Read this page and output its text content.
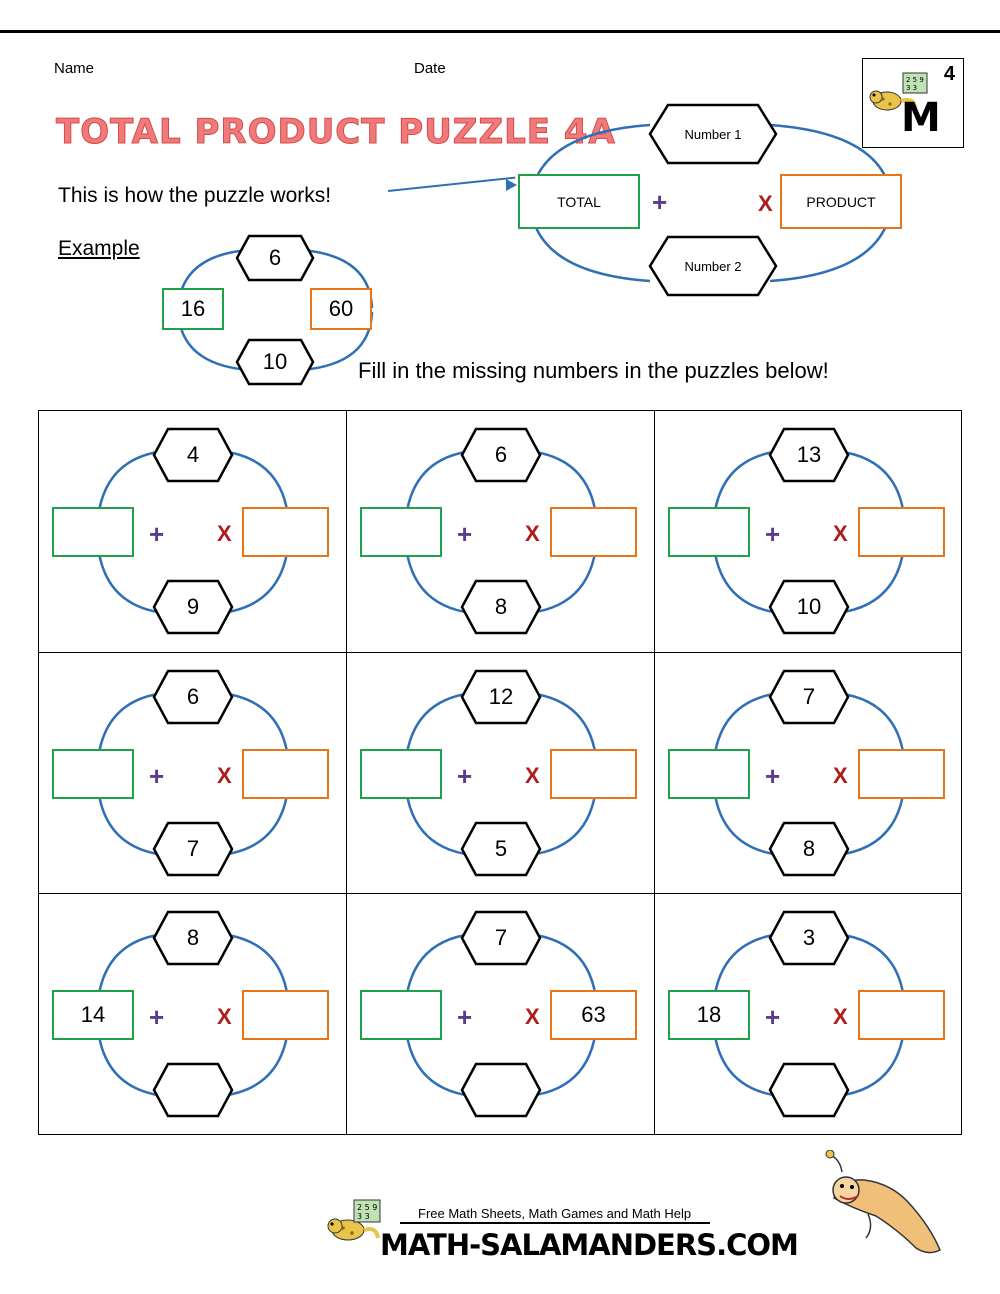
Name	Date
TOTAL PRODUCT PUZZLE 4A
This is how the puzzle works!
Example
Fill in the missing numbers in the puzzles below!
4
2 5 9
3 3
M
Number 1
Number 2
TOTAL	PRODUCT
+	X
6
10
16	60
4
9
+ X
6
8
+ X
13
10
+ X
6
7
+ X
12
5
+ X
7
8
+ X
8
14 + X
7
63
+ X
3
18 + X
2 5 9
3 3	Free Math Sheets, Math Games and Math Help
MATH-SALAMANDERS.COM
